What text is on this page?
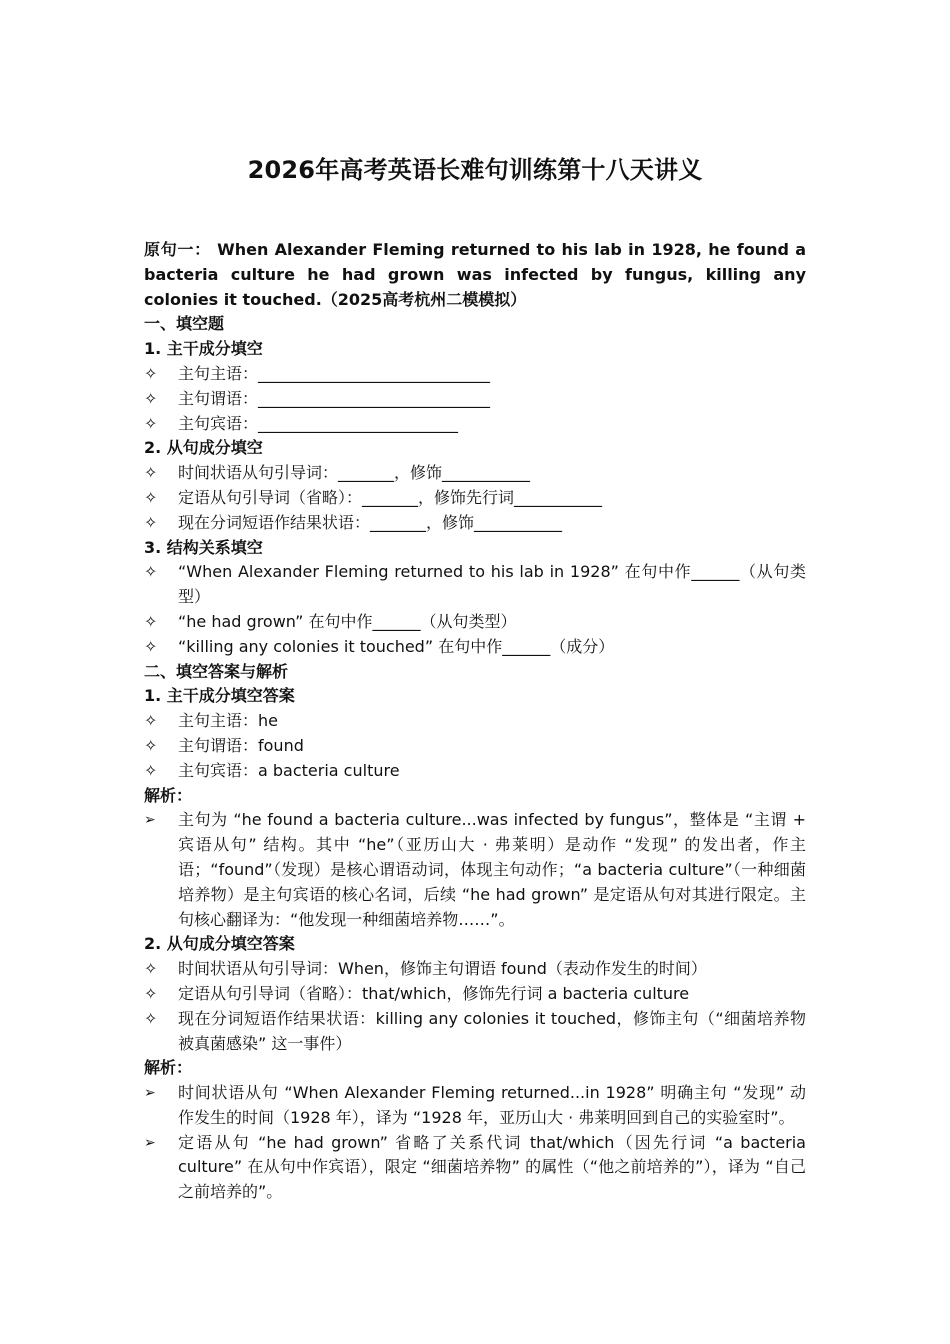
2026年高考英语长难句训练第十八天讲义
原句一： When Alexander Fleming returned to his lab in 1928, he found a bacteria culture he had grown was infected by fungus, killing any colonies it touched.（2025高考杭州二模模拟）
一、填空题
1. 主干成分填空
✧ 主句主语：_____________________________
✧ 主句谓语：_____________________________
✧ 主句宾语：_________________________
2. 从句成分填空
✧ 时间状语从句引导词：_______，修饰___________
✧ 定语从句引导词（省略）：_______，修饰先行词___________
✧ 现在分词短语作结果状语：_______，修饰___________
3. 结构关系填空
✧ “When Alexander Fleming returned to his lab in 1928” 在句中作______（从句类型）
✧ “he had grown” 在句中作______（从句类型）
✧ “killing any colonies it touched” 在句中作______（成分）
二、填空答案与解析
1. 主干成分填空答案
✧ 主句主语：he
✧ 主句谓语：found
✧ 主句宾语：a bacteria culture
解析：
➢ 主句为 “he found a bacteria culture...was infected by fungus”，整体是 “主谓 + 宾语从句” 结构。其中 “he”（亚历山大 · 弗莱明）是动作 “发现” 的发出者，作主语；“found”（发现）是核心谓语动词，体现主句动作；“a bacteria culture”（一种细菌培养物）是主句宾语的核心名词，后续 “he had grown” 是定语从句对其进行限定。主句核心翻译为：“他发现一种细菌培养物……”。
2. 从句成分填空答案
✧ 时间状语从句引导词：When，修饰主句谓语 found（表动作发生的时间）
✧ 定语从句引导词（省略）：that/which，修饰先行词 a bacteria culture
✧ 现在分词短语作结果状语：killing any colonies it touched，修饰主句（“细菌培养物被真菌感染” 这一事件）
解析：
➢ 时间状语从句 “When Alexander Fleming returned...in 1928” 明确主句 “发现” 动作发生的时间（1928 年），译为 “1928 年，亚历山大 · 弗莱明回到自己的实验室时”。
➢ 定语从句 “he had grown” 省略了关系代词 that/which（因先行词 “a bacteria culture” 在从句中作宾语），限定 “细菌培养物” 的属性（“他之前培养的”），译为 “自己之前培养的”。
